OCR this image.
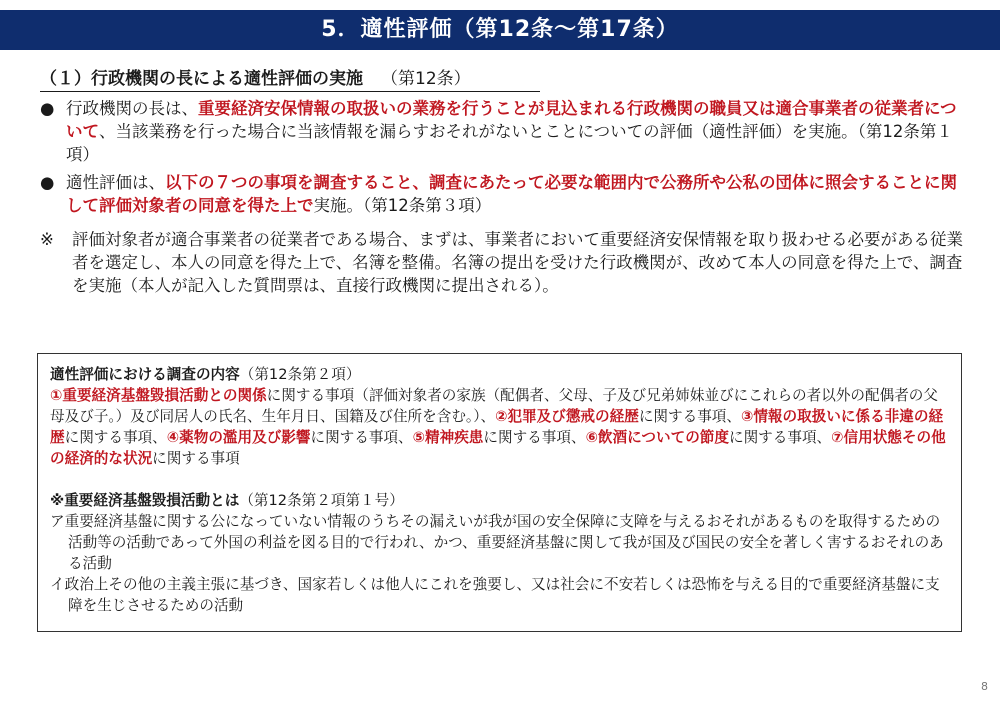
5．適性評価（第12条～第17条）
（１）行政機関の長による適性評価の実施 （第12条）
● 行政機関の長は、重要経済安保情報の取扱いの業務を行うことが見込まれる行政機関の職員又は適合事業者の従業者について、当該業務を行った場合に当該情報を漏らすおそれがないとことについての評価（適性評価）を実施。（第12条第１項）
● 適性評価は、以下の７つの事項を調査すること、調査にあたって必要な範囲内で公務所や公私の団体に照会することに関して評価対象者の同意を得た上で実施。（第12条第３項）
※ 評価対象者が適合事業者の従業者である場合、まずは、事業者において重要経済安保情報を取り扱わせる必要がある従業者を選定し、本人の同意を得た上で、名簿を整備。名簿の提出を受けた行政機関が、改めて本人の同意を得た上で、調査を実施（本人が記入した質問票は、直接行政機関に提出される）。
適性評価における調査の内容（第12条第２項）
①重要経済基盤毀損活動との関係に関する事項（評価対象者の家族（配偶者、父母、子及び兄弟姉妹並びにこれらの者以外の配偶者の父母及び子。）及び同居人の氏名、生年月日、国籍及び住所を含む。）、②犯罪及び懲戒の経歴に関する事項、③情報の取扱いに係る非違の経歴に関する事項、④薬物の濫用及び影響に関する事項、⑤精神疾患に関する事項、⑥飲酒についての節度に関する事項、⑦信用状態その他の経済的な状況に関する事項
※重要経済基盤毀損活動とは（第12条第２項第１号）
ア重要経済基盤に関する公になっていない情報のうちその漏えいが我が国の安全保障に支障を与えるおそれがあるものを取得するための活動等の活動であって外国の利益を図る目的で行われ、かつ、重要経済基盤に関して我が国及び国民の安全を著しく害するおそれのある活動
イ政治上その他の主義主張に基づき、国家若しくは他人にこれを強要し、又は社会に不安若しくは恐怖を与える目的で重要経済基盤に支障を生じさせるための活動
8
